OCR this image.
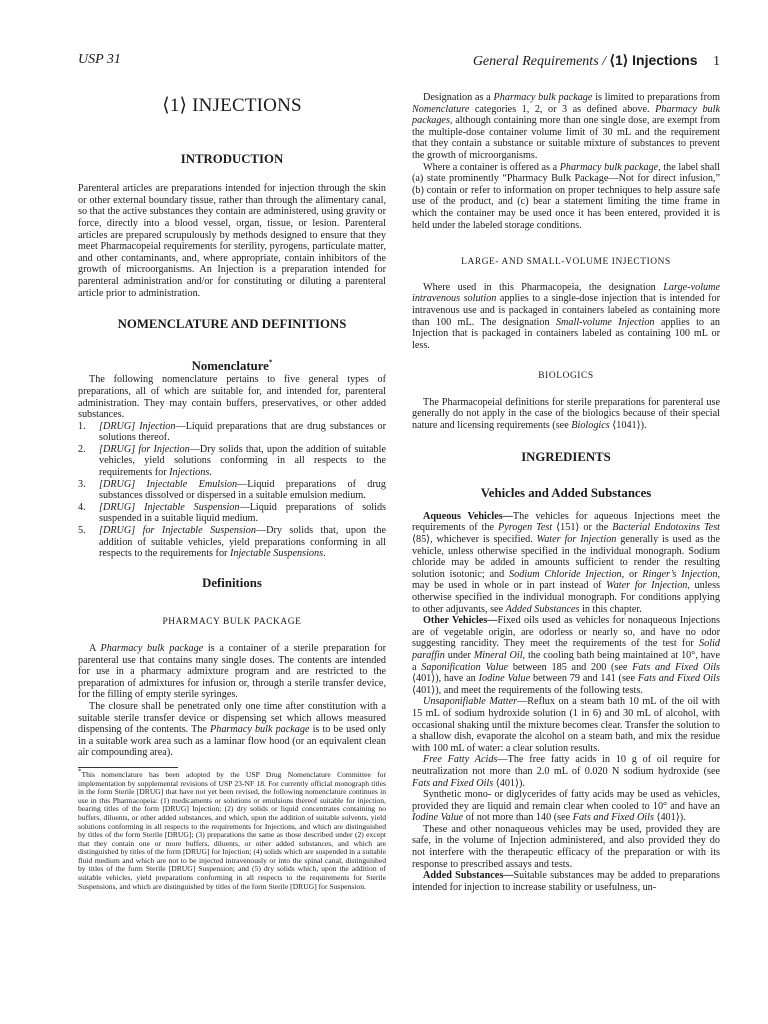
USP 31	General Requirements / ⟨1⟩ Injections 1
⟨1⟩ INJECTIONS
INTRODUCTION

Parenteral articles are preparations intended for injection through the skin or other external boundary tissue, rather than through the alimentary canal, so that the active substances they contain are administered, using gravity or force, directly into a blood vessel, organ, tissue, or lesion. Parenteral articles are prepared scrupulously by methods designed to ensure that they meet Pharmacopeial requirements for sterility, pyrogens, particulate matter, and other contaminants, and, where appropriate, contain inhibitors of the growth of microorganisms. An Injection is a preparation intended for parenteral administration and/or for constituting or diluting a parenteral article prior to administration.

NOMENCLATURE AND DEFINITIONS
Nomenclature*

The following nomenclature pertains to five general types of preparations, all of which are suitable for, and intended for, parenteral administration. They may contain buffers, preservatives, or other added substances.

1. [DRUG] Injection—Liquid preparations that are drug substances or solutions thereof.
2. [DRUG] for Injection—Dry solids that, upon the addition of suitable vehicles, yield solutions conforming in all respects to the requirements for Injections.
3. [DRUG] Injectable Emulsion—Liquid preparations of drug substances dissolved or dispersed in a suitable emulsion medium.
4. [DRUG] Injectable Suspension—Liquid preparations of solids suspended in a suitable liquid medium.
5. [DRUG] for Injectable Suspension—Dry solids that, upon the addition of suitable vehicles, yield preparations conforming in all respects to the requirements for Injectable Suspensions.
Definitions
PHARMACY BULK PACKAGE

A Pharmacy bulk package is a container of a sterile preparation for parenteral use that contains many single doses. The contents are intended for use in a pharmacy admixture program and are restricted to the preparation of admixtures for infusion or, through a sterile transfer device, for the filling of empty sterile syringes.

The closure shall be penetrated only one time after constitution with a suitable sterile transfer device or dispensing set which allows measured dispensing of the contents. The Pharmacy bulk package is to be used only in a suitable work area such as a laminar flow hood (or an equivalent clean air compounding area).

*This nomenclature has been adopted by the USP Drug Nomenclature Committee for implementation by supplemental revisions of USP 23-NF 18. For currently official monograph titles in the form Sterile [DRUG] that have not yet been revised, the following nomenclature continues in use in this Pharmacopeia: (1) medicaments or solutions or emulsions thereof suitable for injection, bearing titles of the form [DRUG] Injection; (2) dry solids or liquid concentrates containing no buffers, diluents, or other added substances, and which, upon the addition of suitable solvents, yield solutions conforming in all respects to the requirements for Injections, and which are distinguished by titles of the form Sterile [DRUG]; (3) preparations the same as those described under (2) except that they contain one or more buffers, diluents, or other added substances, and which are distinguished by titles of the form [DRUG] for Injection; (4) solids which are suspended in a suitable fluid medium and which are not to be injected intravenously or into the spinal canal, distinguished by titles of the form Sterile [DRUG] Suspension; and (5) dry solids which, upon the addition of suitable vehicles, yield preparations conforming in all respects to the requirements for Sterile Suspensions, and which are distinguished by titles of the form Sterile [DRUG] for Suspension.

Designation as a Pharmacy bulk package is limited to preparations from Nomenclature categories 1, 2, or 3 as defined above. Pharmacy bulk packages, although containing more than one single dose, are exempt from the multiple-dose container volume limit of 30 mL and the requirement that they contain a substance or suitable mixture of substances to prevent the growth of microorganisms.

Where a container is offered as a Pharmacy bulk package, the label shall (a) state prominently “Pharmacy Bulk Package—Not for direct infusion,” (b) contain or refer to information on proper techniques to help assure safe use of the product, and (c) bear a statement limiting the time frame in which the container may be used once it has been entered, provided it is held under the labeled storage conditions.

LARGE- AND SMALL-VOLUME INJECTIONS

Where used in this Pharmacopeia, the designation Large-volume intravenous solution applies to a single-dose injection that is intended for intravenous use and is packaged in containers labeled as containing more than 100 mL. The designation Small-volume Injection applies to an Injection that is packaged in containers labeled as containing 100 mL or less.

BIOLOGICS

The Pharmacopeial definitions for sterile preparations for parenteral use generally do not apply in the case of the biologics because of their special nature and licensing requirements (see Biologics ⟨1041⟩).

INGREDIENTS
Vehicles and Added Substances

Aqueous Vehicles—The vehicles for aqueous Injections meet the requirements of the Pyrogen Test ⟨151⟩ or the Bacterial Endotoxins Test ⟨85⟩, whichever is specified. Water for Injection generally is used as the vehicle, unless otherwise specified in the individual monograph. Sodium chloride may be added in amounts sufficient to render the resulting solution isotonic; and Sodium Chloride Injection, or Ringer’s Injection, may be used in whole or in part instead of Water for Injection, unless otherwise specified in the individual monograph. For conditions applying to other adjuvants, see Added Substances in this chapter.

Other Vehicles—Fixed oils used as vehicles for nonaqueous Injections are of vegetable origin, are odorless or nearly so, and have no odor suggesting rancidity. They meet the requirements of the test for Solid paraffin under Mineral Oil, the cooling bath being maintained at 10°, have a Saponification Value between 185 and 200 (see Fats and Fixed Oils ⟨401⟩), have an Iodine Value between 79 and 141 (see Fats and Fixed Oils ⟨401⟩), and meet the requirements of the following tests.

Unsaponifiable Matter—Reflux on a steam bath 10 mL of the oil with 15 mL of sodium hydroxide solution (1 in 6) and 30 mL of alcohol, with occasional shaking until the mixture becomes clear. Transfer the solution to a shallow dish, evaporate the alcohol on a steam bath, and mix the residue with 100 mL of water: a clear solution results.

Free Fatty Acids—The free fatty acids in 10 g of oil require for neutralization not more than 2.0 mL of 0.020 N sodium hydroxide (see Fats and Fixed Oils ⟨401⟩).

Synthetic mono- or diglycerides of fatty acids may be used as vehicles, provided they are liquid and remain clear when cooled to 10° and have an Iodine Value of not more than 140 (see Fats and Fixed Oils ⟨401⟩).

These and other nonaqueous vehicles may be used, provided they are safe, in the volume of Injection administered, and also provided they do not interfere with the therapeutic efficacy of the preparation or with its response to prescribed assays and tests.

Added Substances—Suitable substances may be added to preparations intended for injection to increase stability or usefulness, un-
